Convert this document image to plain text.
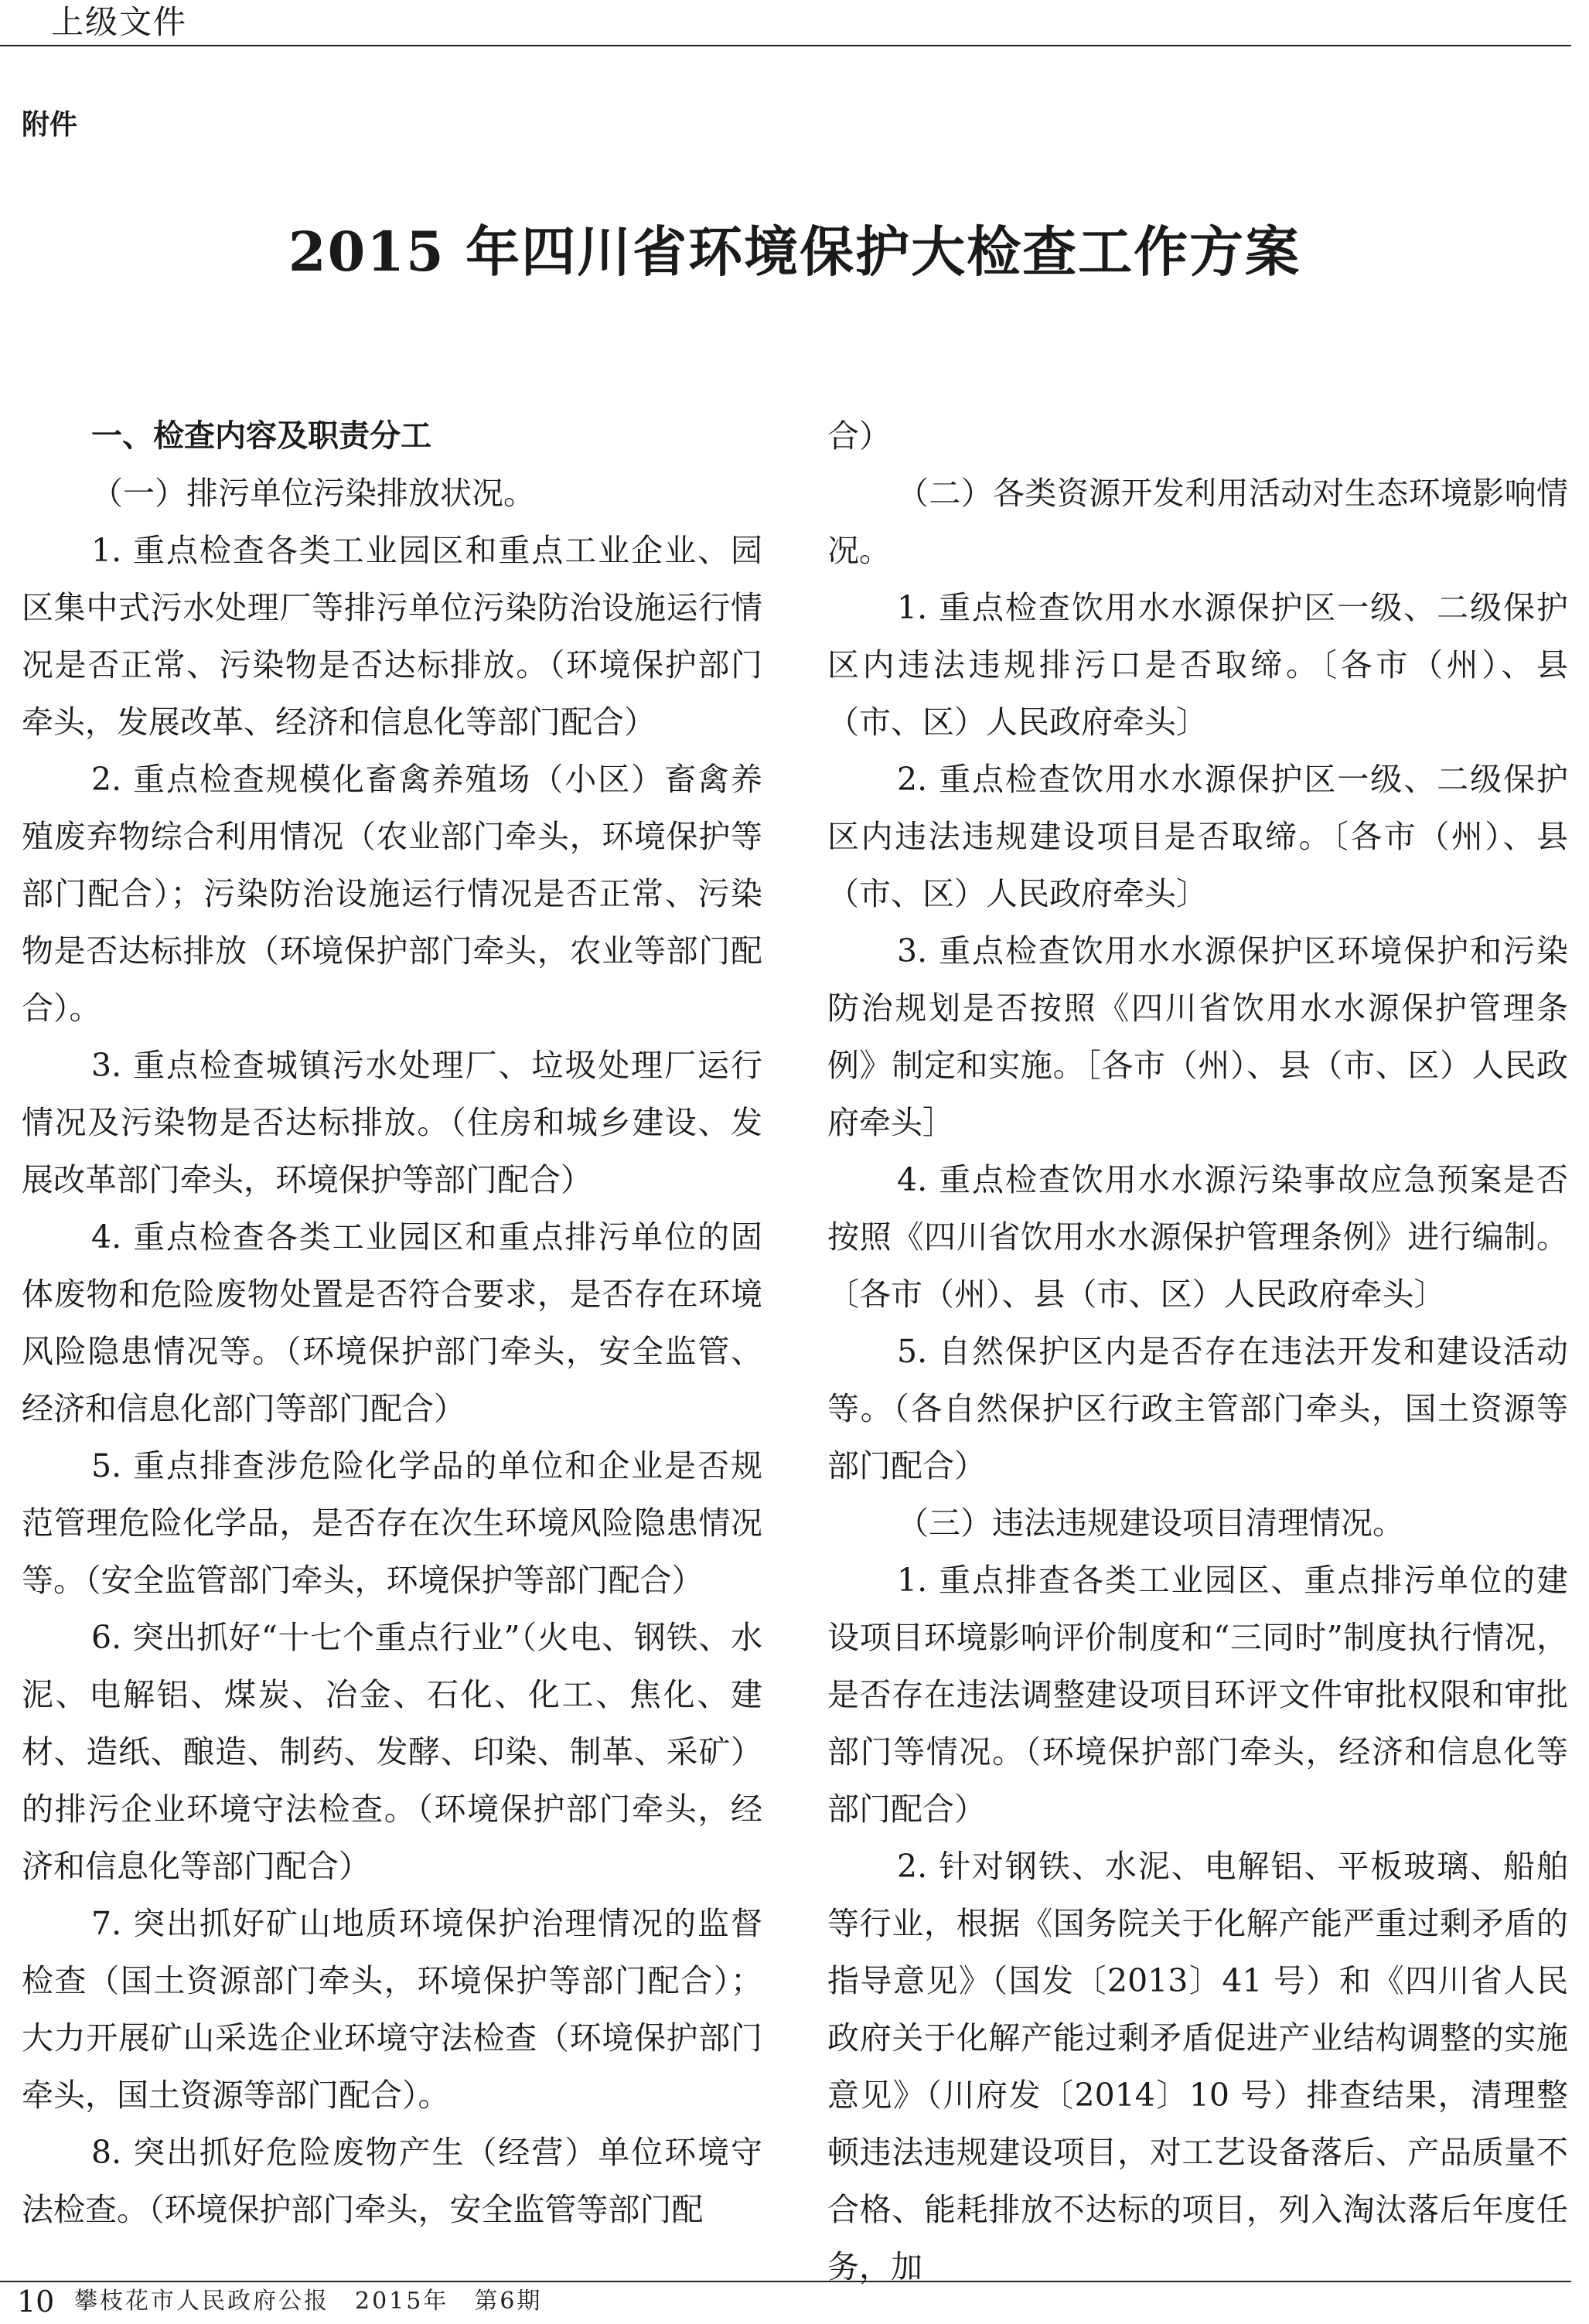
上级文件
附件
2015 年四川省环境保护大检查工作方案

一、检查内容及职责分工

（一）排污单位污染排放状况。

1. 重点检查各类工业园区和重点工业企业、园区集中式污水处理厂等排污单位污染防治设施运行情况是否正常、污染物是否达标排放。（环境保护部门牵头，发展改革、经济和信息化等部门配合）

2. 重点检查规模化畜禽养殖场（小区）畜禽养殖废弃物综合利用情况（农业部门牵头，环境保护等部门配合）；污染防治设施运行情况是否正常、污染物是否达标排放（环境保护部门牵头，农业等部门配合）。

3. 重点检查城镇污水处理厂、垃圾处理厂运行情况及污染物是否达标排放。（住房和城乡建设、发展改革部门牵头，环境保护等部门配合）

4. 重点检查各类工业园区和重点排污单位的固体废物和危险废物处置是否符合要求，是否存在环境风险隐患情况等。（环境保护部门牵头，安全监管、经济和信息化部门等部门配合）

5. 重点排查涉危险化学品的单位和企业是否规范管理危险化学品，是否存在次生环境风险隐患情况等。（安全监管部门牵头，环境保护等部门配合）

6. 突出抓好“十七个重点行业”（火电、钢铁、水泥、电解铝、煤炭、冶金、石化、化工、焦化、建材、造纸、酿造、制药、发酵、印染、制革、采矿）的排污企业环境守法检查。（环境保护部门牵头，经济和信息化等部门配合）

7. 突出抓好矿山地质环境保护治理情况的监督检查（国土资源部门牵头，环境保护等部门配合）；大力开展矿山采选企业环境守法检查（环境保护部门牵头，国土资源等部门配合）。

8. 突出抓好危险废物产生（经营）单位环境守法检查。（环境保护部门牵头，安全监管等部门配

合）

（二）各类资源开发利用活动对生态环境影响情况。

1. 重点检查饮用水水源保护区一级、二级保护区内违法违规排污口是否取缔。〔各市（州）、县（市、区）人民政府牵头〕

2. 重点检查饮用水水源保护区一级、二级保护区内违法违规建设项目是否取缔。〔各市（州）、县（市、区）人民政府牵头〕

3. 重点检查饮用水水源保护区环境保护和污染防治规划是否按照《四川省饮用水水源保护管理条例》制定和实施。［各市（州）、县（市、区）人民政府牵头］

4. 重点检查饮用水水源污染事故应急预案是否按照《四川省饮用水水源保护管理条例》进行编制。〔各市（州）、县（市、区）人民政府牵头〕

5. 自然保护区内是否存在违法开发和建设活动等。（各自然保护区行政主管部门牵头，国土资源等部门配合）

（三）违法违规建设项目清理情况。

1. 重点排查各类工业园区、重点排污单位的建设项目环境影响评价制度和“三同时”制度执行情况，是否存在违法调整建设项目环评文件审批权限和审批部门等情况。（环境保护部门牵头，经济和信息化等部门配合）

2. 针对钢铁、水泥、电解铝、平板玻璃、船舶等行业，根据《国务院关于化解产能严重过剩矛盾的指导意见》（国发〔2013〕41 号）和《四川省人民政府关于化解产能过剩矛盾促进产业结构调整的实施意见》（川府发〔2014〕10 号）排查结果，清理整顿违法违规建设项目，对工艺设备落后、产品质量不合格、能耗排放不达标的项目，列入淘汰落后年度任务，加

10 攀枝花市人民政府公报　2015年　第6期
